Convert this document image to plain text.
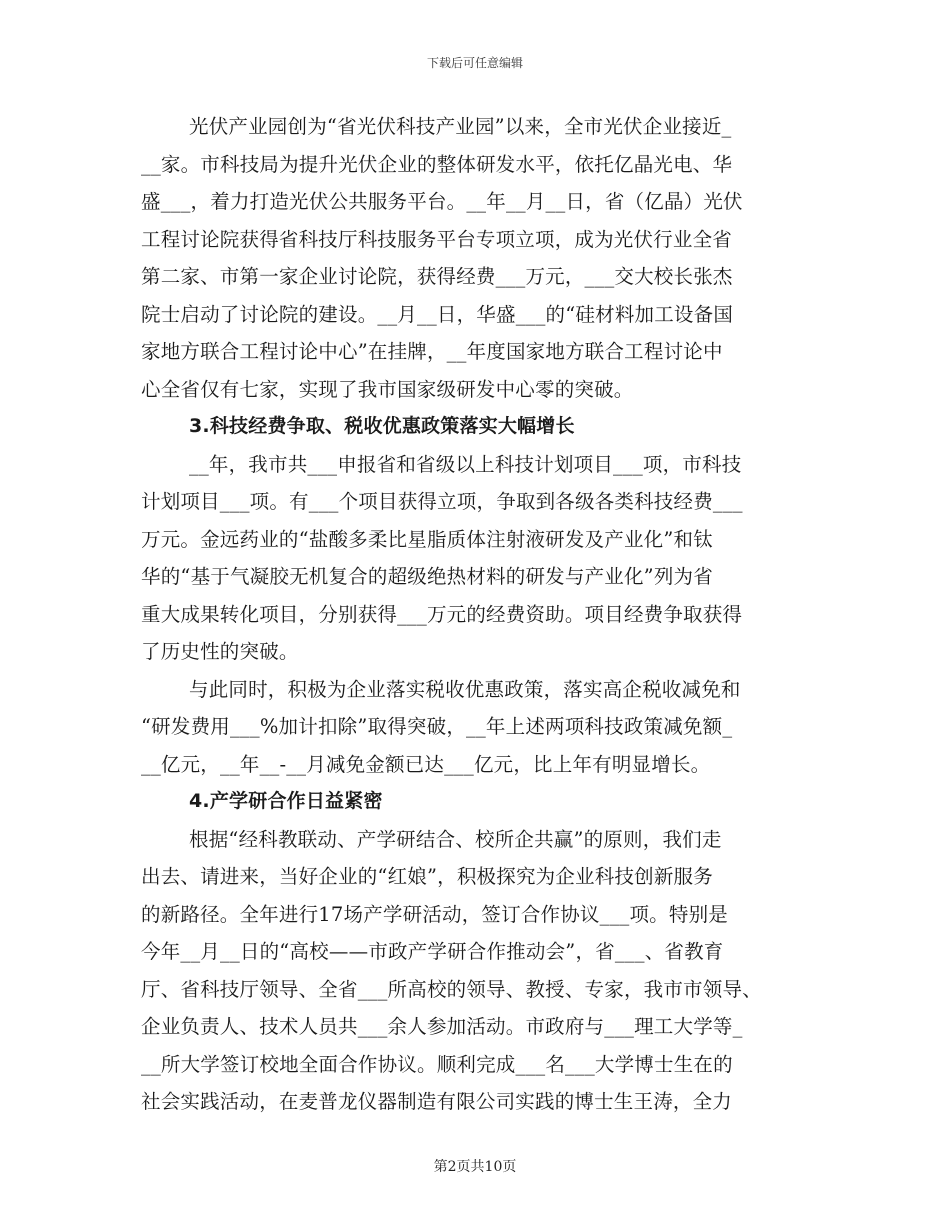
下载后可任意编辑
光伏产业园创为“省光伏科技产业园”以来，全市光伏企业接近_
__家。市科技局为提升光伏企业的整体研发水平，依托亿晶光电、华
盛___，着力打造光伏公共服务平台。__年__月__日，省（亿晶）光伏
工程讨论院获得省科技厅科技服务平台专项立项，成为光伏行业全省
第二家、市第一家企业讨论院，获得经费___万元，___交大校长张杰
院士启动了讨论院的建设。__月__日，华盛___的“硅材料加工设备国
家地方联合工程讨论中心”在挂牌，__年度国家地方联合工程讨论中
心全省仅有七家，实现了我市国家级研发中心零的突破。
3.科技经费争取、税收优惠政策落实大幅增长
__年，我市共___申报省和省级以上科技计划项目___项，市科技
计划项目___项。有___个项目获得立项，争取到各级各类科技经费___
万元。金远药业的“盐酸多柔比星脂质体注射液研发及产业化”和钛
华的“基于气凝胶无机复合的超级绝热材料的研发与产业化”列为省
重大成果转化项目，分别获得___万元的经费资助。项目经费争取获得
了历史性的突破。
与此同时，积极为企业落实税收优惠政策，落实高企税收减免和
“研发费用___%加计扣除”取得突破，__年上述两项科技政策减免额_
__亿元，__年__-__月减免金额已达___亿元，比上年有明显增长。
4.产学研合作日益紧密
根据“经科教联动、产学研结合、校所企共赢”的原则，我们走
出去、请进来，当好企业的“红娘”，积极探究为企业科技创新服务
的新路径。全年进行17场产学研活动，签订合作协议___项。特别是
今年__月__日的“高校——市政产学研合作推动会”，省___、省教育
厅、省科技厅领导、全省___所高校的领导、教授、专家，我市市领导、
企业负责人、技术人员共___余人参加活动。市政府与___理工大学等_
__所大学签订校地全面合作协议。顺利完成___名___大学博士生在的
社会实践活动，在麦普龙仪器制造有限公司实践的博士生王涛，全力
第2页共10页
